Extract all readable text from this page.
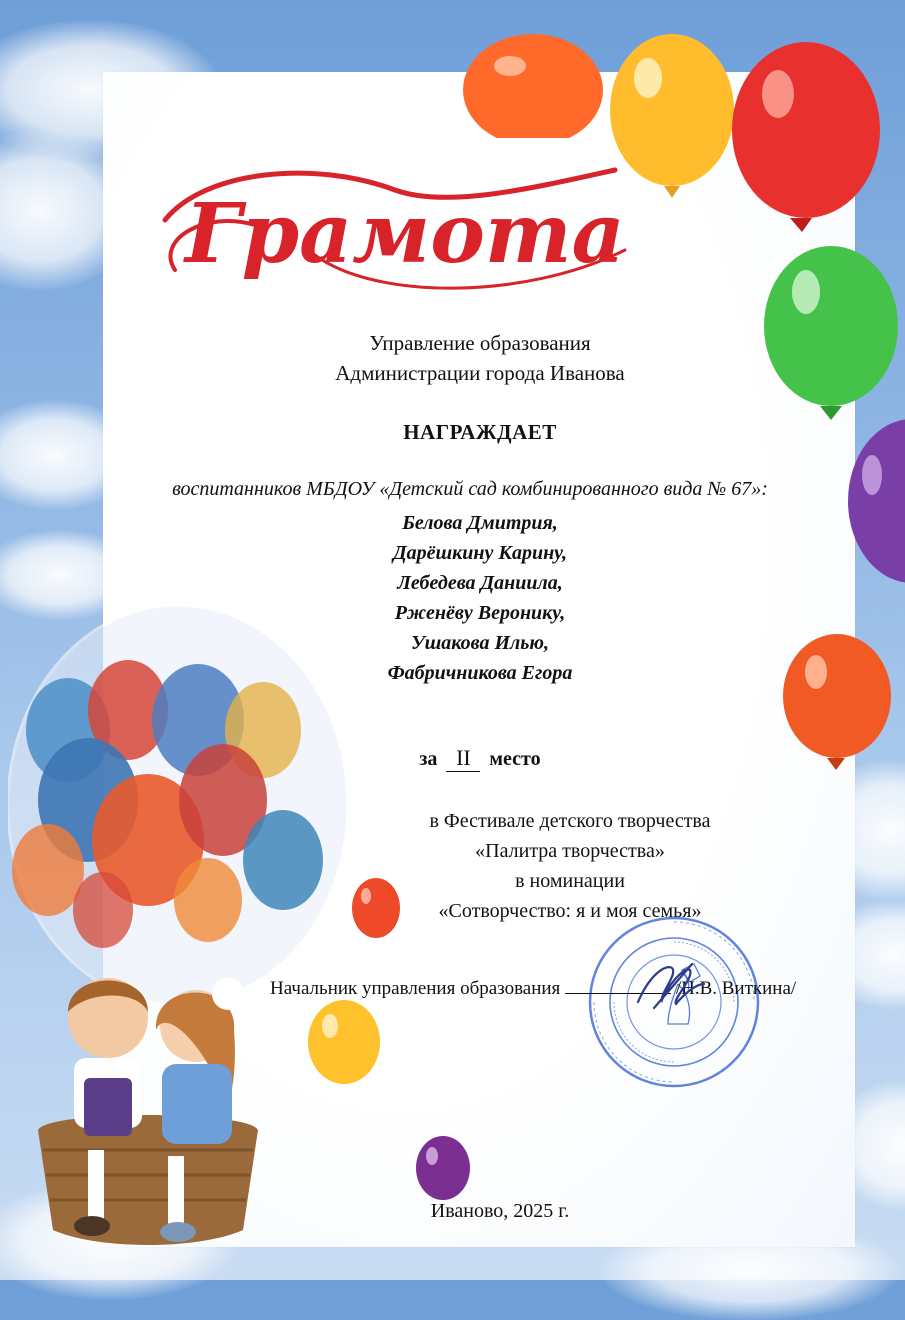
Грамота
Управление образования
Администрации города Иванова
НАГРАЖДАЕТ
воспитанников МБДОУ «Детский сад комбинированного вида № 67»:
Белова Дмитрия,
Дарёшкину Карину,
Лебедева Даниила,
Ржeнёву Веронику,
Ушакова Илью,
Фабричникова Егора
за II место
в Фестивале детского творчества
«Палитра творчества»
в номинации
«Сотворчество: я и моя семья»
Начальник управления образования	/Н.В. Виткина/
Иваново, 2025 г.
